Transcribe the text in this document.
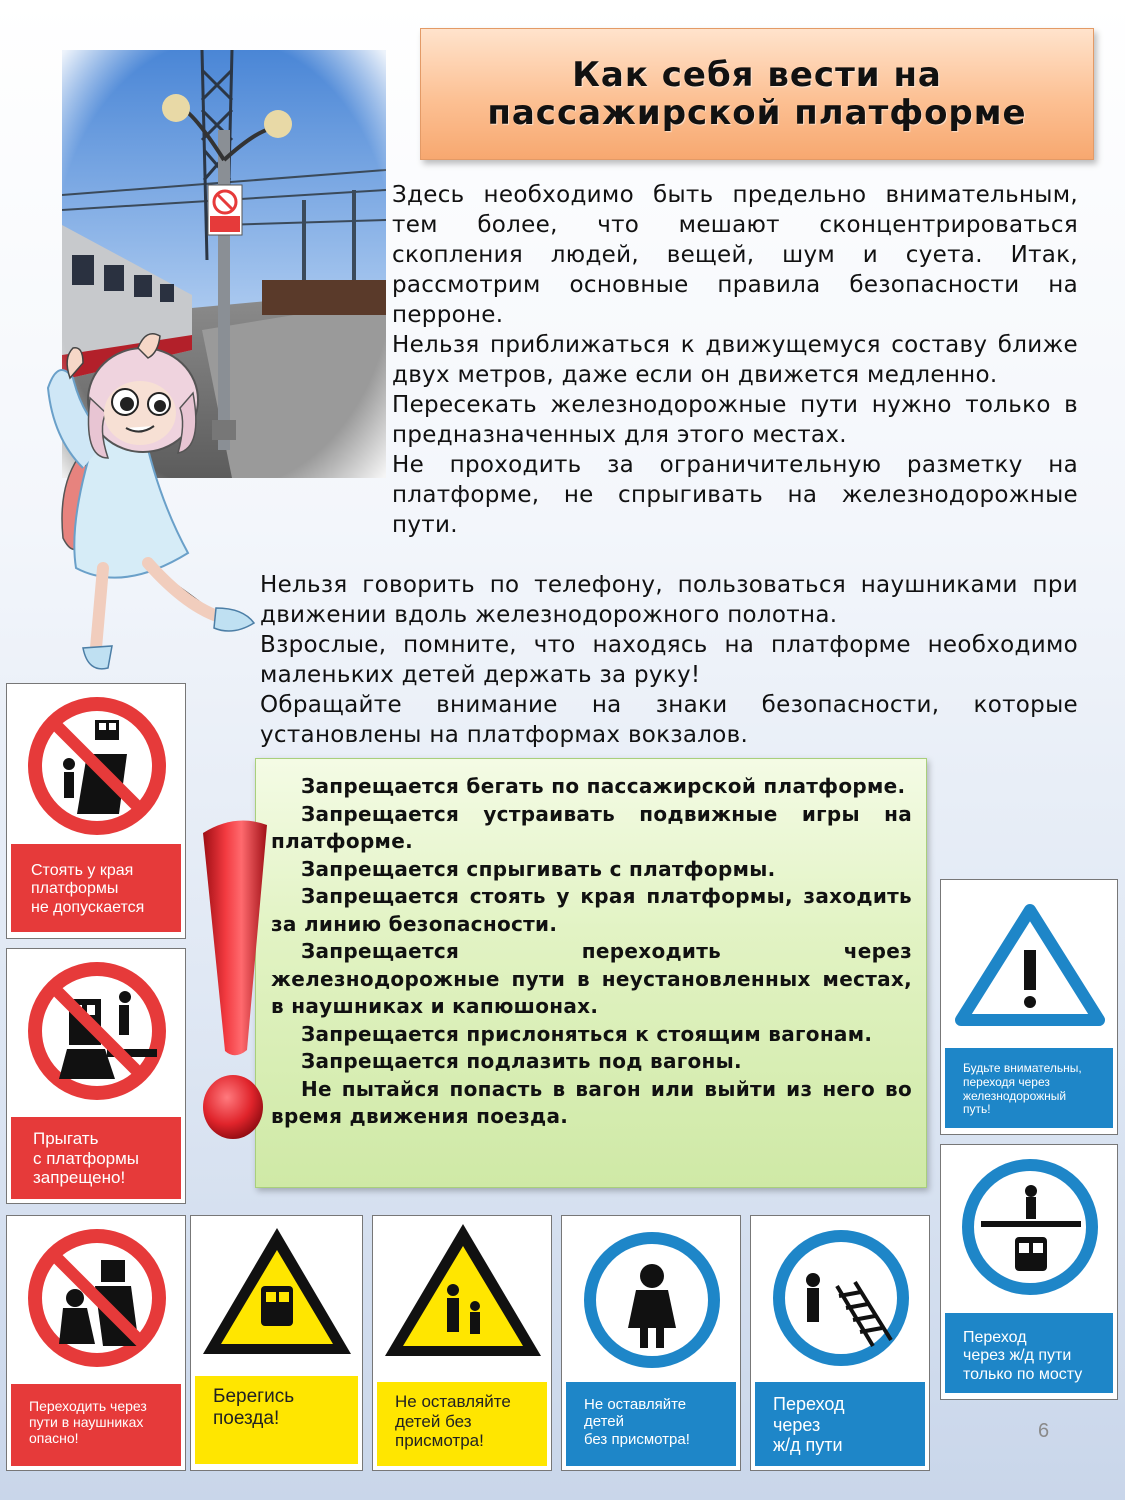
Как себя вести на
пассажирской платформе

Здесь необходимо быть предельно внимательным, тем более, что мешают сконцентрироваться скопления людей, вещей, шум и суета. Итак, рассмотрим основные правила безопасности на перроне.

Нельзя приближаться к движущемуся составу ближе двух метров, даже если он движется медленно.

Пересекать железнодорожные пути нужно только в предназначенных для этого местах.

Не проходить за ограничительную разметку на платформе, не спрыгивать на железнодорожные пути.

Нельзя говорить по телефону, пользоваться наушниками при движении вдоль железнодорожного полотна.

Взрослые, помните, что находясь на платформе необходимо маленьких детей держать за руку!

Обращайте внимание на знаки безопасности, которые установлены на платформах вокзалов.

Запрещается бегать по пассажирской платформе.

Запрещается устраивать подвижные игры на платформе.

Запрещается спрыгивать с платформы.

Запрещается стоять у края платформы, заходить за линию безопасности.

Запрещается переходить через железнодорожные пути в неустановленных местах, в наушниках и капюшонах.

Запрещается прислоняться к стоящим вагонам.

Запрещается подлазить под вагоны.

Не пытайся попасть в вагон или выйти из него во время движения поезда.

Стоять у края
платформы
не допускается
Прыгать
с платформы
запрещено!
Переходить через
пути в наушниках
опасно!
Берегись
поезда!
Не оставляйте
детей без
присмотра!
Не оставляйте
детей
без присмотра!
Переход
через
ж/д пути
Будьте внимательны,
переходя через
железнодорожный
путь!
Переход
через ж/д пути
только по мосту
6
